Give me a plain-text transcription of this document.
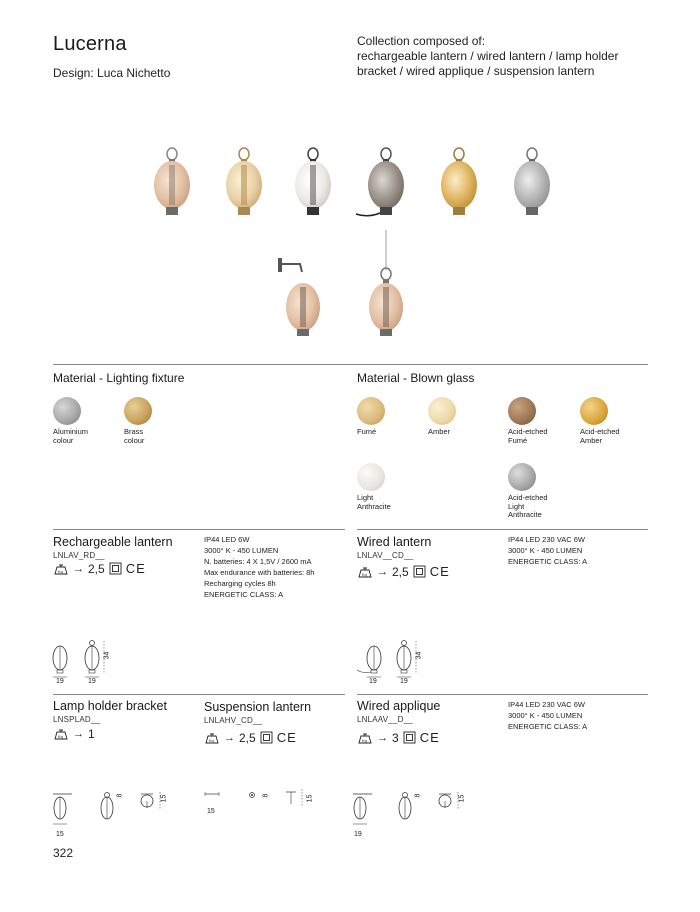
Lucerna
Design: Luca Nichetto
Collection composed of:
rechargeable lantern / wired lantern / lamp holder
bracket / wired applique / suspension lantern
Material - Lighting fixture	Material - Blown glass
Aluminium
colour
Brass
colour
Fumé	Amber	Acid-etched
Fumé
Acid-etched
Amber
Light
Anthracite
Acid-etched
Light
Anthracite
Rechargeable lantern
LNLAV_RD__
Kg → 2,5 CE
IP44 LED 6W
3000° K - 450 LUMEN
N. batteries: 4 X 1,5V / 2600 mA
Max endurance with batteries: 8h
Recharging cycles 8h
ENERGETIC CLASS: A
19	19
34
Wired lantern
LNLAV__CD__
Kg → 2,5 CE
IP44 LED 230 VAC 6W
3000° K - 450 LUMEN
ENERGETIC CLASS: A
19	19
34
Lamp holder bracket
LNSPLAD__
Kg → 1
15
8	15
Suspension lantern
LNLAHV_CD__
Kg → 2,5 CE
15
8	15
Wired applique
LNLAAV__D__
Kg → 3 CE
IP44 LED 230 VAC 6W
3000° K - 450 LUMEN
ENERGETIC CLASS: A
19
8	15
322
